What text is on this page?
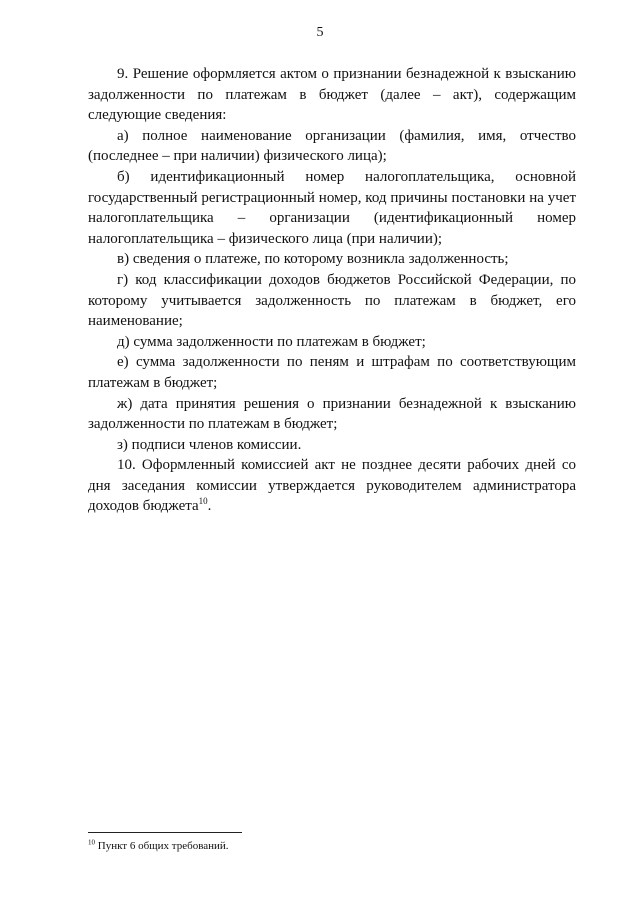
5

9. Решение оформляется актом о признании безнадежной к взысканию задолженности по платежам в бюджет (далее – акт), содержащим следующие сведения:

а) полное наименование организации (фамилия, имя, отчество (последнее – при наличии) физического лица);

б) идентификационный номер налогоплательщика, основной государственный регистрационный номер, код причины постановки на учет налогоплательщика – организации (идентификационный номер налогоплательщика – физического лица (при наличии);

в) сведения о платеже, по которому возникла задолженность;

г) код классификации доходов бюджетов Российской Федерации, по которому учитывается задолженность по платежам в бюджет, его наименование;

д) сумма задолженности по платежам в бюджет;

е) сумма задолженности по пеням и штрафам по соответствующим платежам в бюджет;

ж) дата принятия решения о признании безнадежной к взысканию задолженности по платежам в бюджет;

з) подписи членов комиссии.

10. Оформленный комиссией акт не позднее десяти рабочих дней со дня заседания комиссии утверждается руководителем администратора доходов бюджета$^{10}$.

$^{10}$ Пункт 6 общих требований.
